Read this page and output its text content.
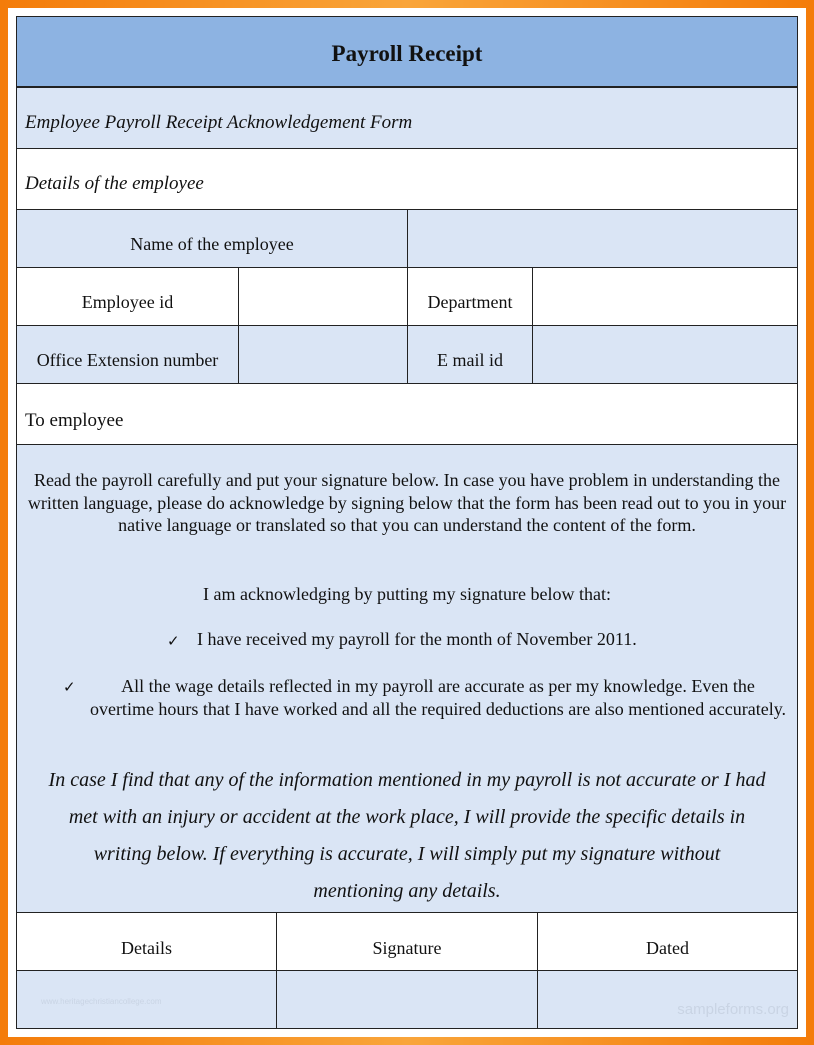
Payroll Receipt
Employee Payroll Receipt Acknowledgement Form
Details of the employee
Name of the employee
Employee id	Department
Office Extension number	E mail id
To employee
Read the payroll carefully and put your signature below. In case you have problem in understanding the written language, please do acknowledge by signing below that the form has been read out to you in your native language or translated so that you can understand the content of the form.
I am acknowledging by putting my signature below that:
✓ I have received my payroll for the month of November 2011.
✓	All the wage details reflected in my payroll are accurate as per my knowledge. Even the overtime hours that I have worked and all the required deductions are also mentioned accurately.
In case I find that any of the information mentioned in my payroll is not accurate or I had
met with an injury or accident at the work place, I will provide the specific details in
writing below. If everything is accurate, I will simply put my signature without
mentioning any details.
Details	Signature	Dated
www.heritagechristiancollege.com	sampleforms.org
